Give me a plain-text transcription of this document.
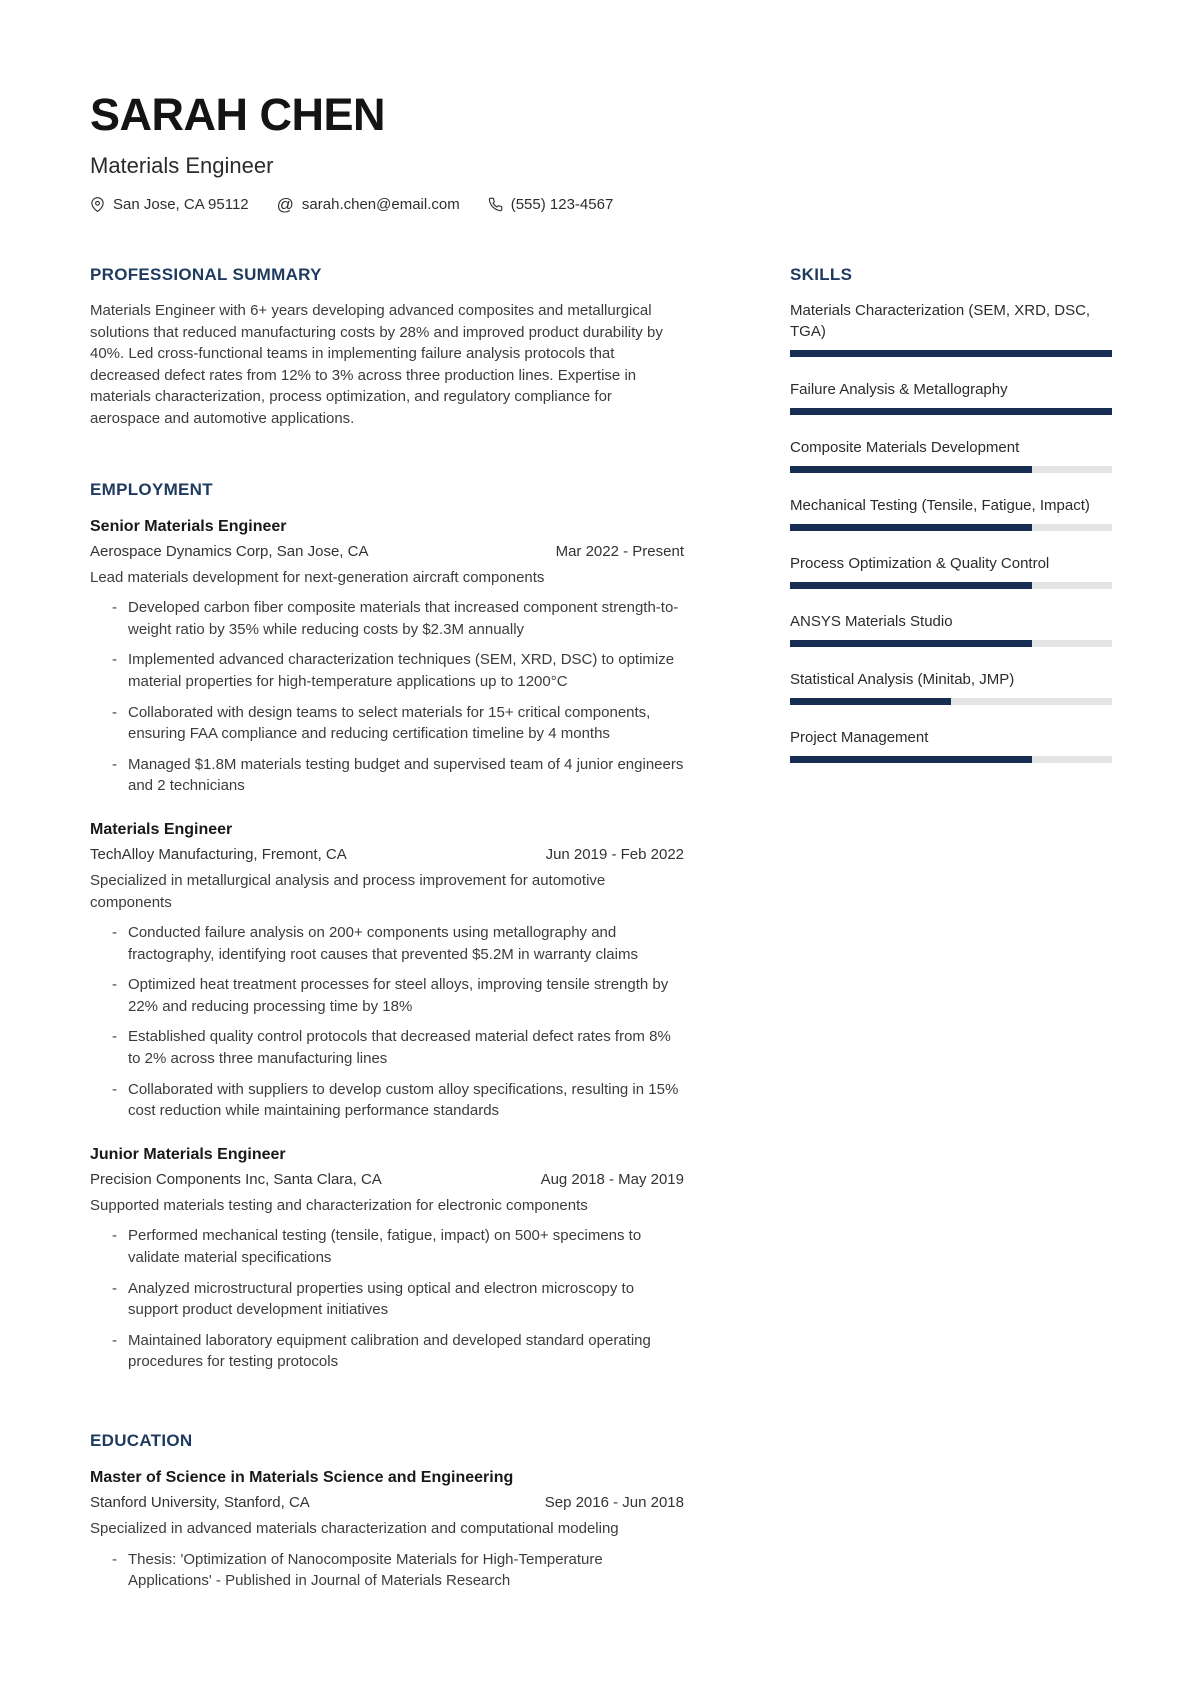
SARAH CHEN
Materials Engineer
San Jose, CA 95112 @ sarah.chen@email.com	(555) 123-4567
PROFESSIONAL SUMMARY

Materials Engineer with 6+ years developing advanced composites and metallurgical solutions that reduced manufacturing costs by 28% and improved product durability by 40%. Led cross-functional teams in implementing failure analysis protocols that decreased defect rates from 12% to 3% across three production lines. Expertise in materials characterization, process optimization, and regulatory compliance for aerospace and automotive applications.

EMPLOYMENT
Senior Materials Engineer
Aerospace Dynamics Corp, San Jose, CA	Mar 2022 - Present
Lead materials development for next-generation aircraft components
- Developed carbon fiber composite materials that increased component strength-to-weight ratio by 35% while reducing costs by $2.3M annually
- Implemented advanced characterization techniques (SEM, XRD, DSC) to optimize material properties for high-temperature applications up to 1200°C
- Collaborated with design teams to select materials for 15+ critical components, ensuring FAA compliance and reducing certification timeline by 4 months
- Managed $1.8M materials testing budget and supervised team of 4 junior engineers and 2 technicians
Materials Engineer
TechAlloy Manufacturing, Fremont, CA	Jun 2019 - Feb 2022
Specialized in metallurgical analysis and process improvement for automotive components
- Conducted failure analysis on 200+ components using metallography and fractography, identifying root causes that prevented $5.2M in warranty claims
- Optimized heat treatment processes for steel alloys, improving tensile strength by 22% and reducing processing time by 18%
- Established quality control protocols that decreased material defect rates from 8% to 2% across three manufacturing lines
- Collaborated with suppliers to develop custom alloy specifications, resulting in 15% cost reduction while maintaining performance standards
Junior Materials Engineer
Precision Components Inc, Santa Clara, CA	Aug 2018 - May 2019
Supported materials testing and characterization for electronic components
- Performed mechanical testing (tensile, fatigue, impact) on 500+ specimens to validate material specifications
- Analyzed microstructural properties using optical and electron microscopy to support product development initiatives
- Maintained laboratory equipment calibration and developed standard operating procedures for testing protocols
EDUCATION
Master of Science in Materials Science and Engineering
Stanford University, Stanford, CA	Sep 2016 - Jun 2018
Specialized in advanced materials characterization and computational modeling
- Thesis: 'Optimization of Nanocomposite Materials for High-Temperature Applications' - Published in Journal of Materials Research
SKILLS
Materials Characterization (SEM, XRD, DSC, TGA)
Failure Analysis & Metallography
Composite Materials Development
Mechanical Testing (Tensile, Fatigue, Impact)
Process Optimization & Quality Control
ANSYS Materials Studio
Statistical Analysis (Minitab, JMP)
Project Management
